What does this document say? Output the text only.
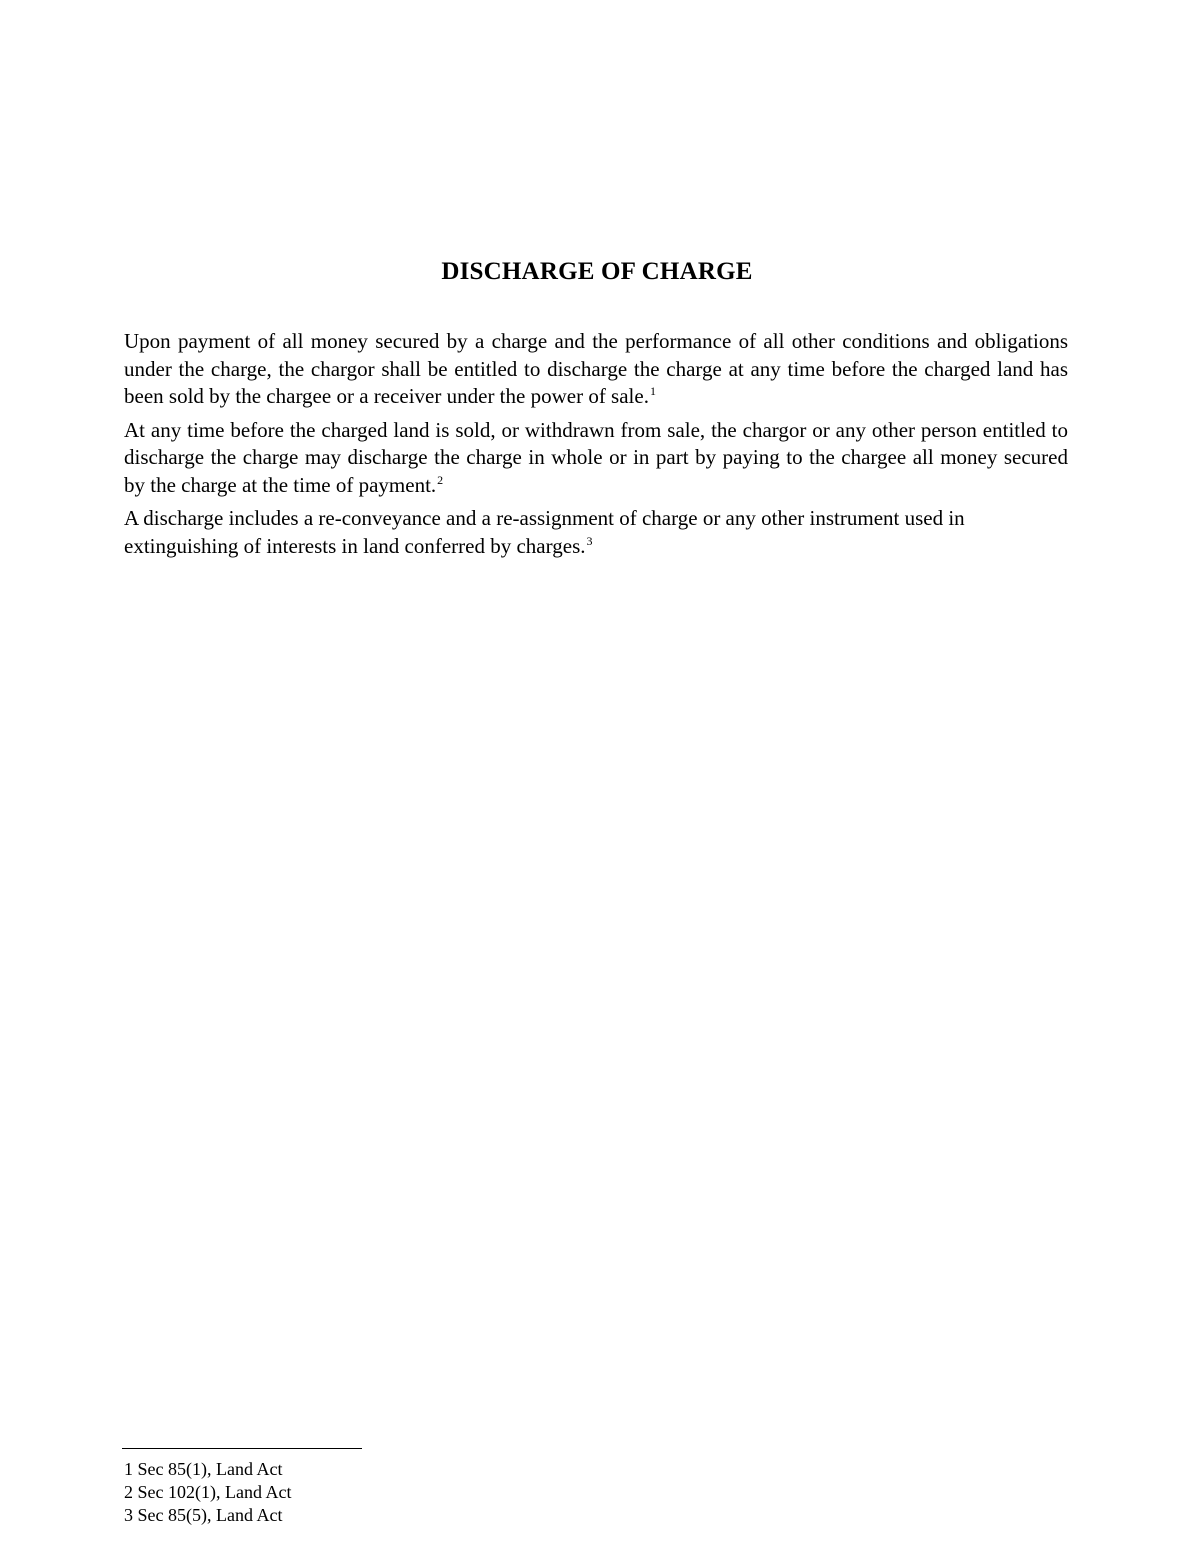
DISCHARGE OF CHARGE

Upon payment of all money secured by a charge and the performance of all other conditions and obligations under the charge, the chargor shall be entitled to discharge the charge at any time before the charged land has been sold by the chargee or a receiver under the power of sale.$^1$

At any time before the charged land is sold, or withdrawn from sale, the chargor or any other person entitled to discharge the charge may discharge the charge in whole or in part by paying to the chargee all money secured by the charge at the time of payment.$^2$

A discharge includes a re-conveyance and a re-assignment of charge or any other instrument used in extinguishing of interests in land conferred by charges.$^3$

1 Sec 85(1), Land Act
2 Sec 102(1), Land Act
3 Sec 85(5), Land Act
